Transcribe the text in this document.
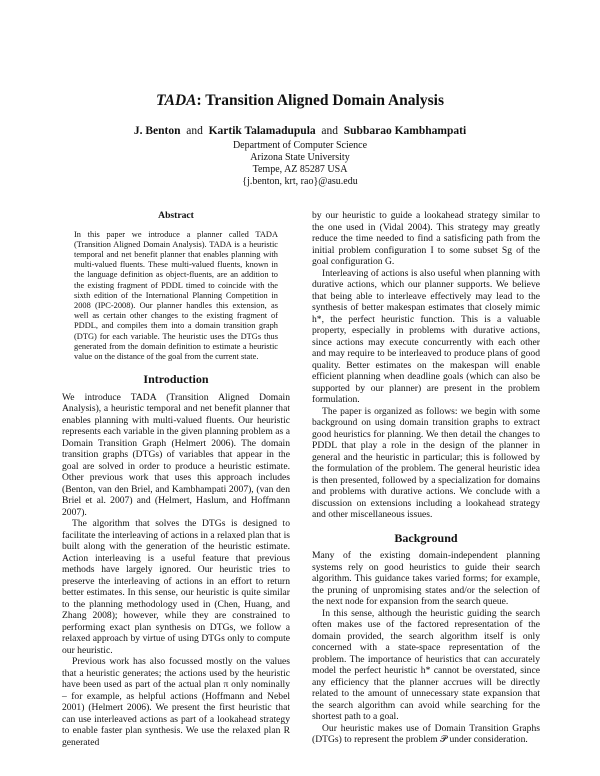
TADA: Transition Aligned Domain Analysis
J. Benton and Kartik Talamadupula and Subbarao Kambhampati
Department of Computer Science
Arizona State University
Tempe, AZ 85287 USA
{j.benton, krt, rao}@asu.edu
Abstract
In this paper we introduce a planner called TADA (Transition Aligned Domain Analysis). TADA is a heuristic temporal and net benefit planner that enables planning with multi-valued fluents. These multi-valued fluents, known in the language definition as object-fluents, are an addition to the existing fragment of PDDL timed to coincide with the sixth edition of the International Planning Competition in 2008 (IPC-2008). Our planner handles this extension, as well as certain other changes to the existing fragment of PDDL, and compiles them into a domain transition graph (DTG) for each variable. The heuristic uses the DTGs thus generated from the domain definition to estimate a heuristic value on the distance of the goal from the current state.
Introduction

We introduce TADA (Transition Aligned Domain Analysis), a heuristic temporal and net benefit planner that enables planning with multi-valued fluents. Our heuristic represents each variable in the given planning problem as a Domain Transition Graph (Helmert 2006). The domain transition graphs (DTGs) of variables that appear in the goal are solved in order to produce a heuristic estimate. Other previous work that uses this approach includes (Benton, van den Briel, and Kambhampati 2007), (van den Briel et al. 2007) and (Helmert, Haslum, and Hoffmann 2007).

The algorithm that solves the DTGs is designed to facilitate the interleaving of actions in a relaxed plan that is built along with the generation of the heuristic estimate. Action interleaving is a useful feature that previous methods have largely ignored. Our heuristic tries to preserve the interleaving of actions in an effort to return better estimates. In this sense, our heuristic is quite similar to the planning methodology used in (Chen, Huang, and Zhang 2008); however, while they are constrained to performing exact plan synthesis on DTGs, we follow a relaxed approach by virtue of using DTGs only to compute our heuristic.

Previous work has also focussed mostly on the values that a heuristic generates; the actions used by the heuristic have been used as part of the actual plan π only nominally – for example, as helpful actions (Hoffmann and Nebel 2001) (Helmert 2006). We present the first heuristic that can use interleaved actions as part of a lookahead strategy to enable faster plan synthesis. We use the relaxed plan R generated

by our heuristic to guide a lookahead strategy similar to the one used in (Vidal 2004). This strategy may greatly reduce the time needed to find a satisficing path from the initial problem configuration I to some subset Sg of the goal configuration G.

Interleaving of actions is also useful when planning with durative actions, which our planner supports. We believe that being able to interleave effectively may lead to the synthesis of better makespan estimates that closely mimic h*, the perfect heuristic function. This is a valuable property, especially in problems with durative actions, since actions may execute concurrently with each other and may require to be interleaved to produce plans of good quality. Better estimates on the makespan will enable efficient planning when deadline goals (which can also be supported by our planner) are present in the problem formulation.

The paper is organized as follows: we begin with some background on using domain transition graphs to extract good heuristics for planning. We then detail the changes to PDDL that play a role in the design of the planner in general and the heuristic in particular; this is followed by the formulation of the problem. The general heuristic idea is then presented, followed by a specialization for domains and problems with durative actions. We conclude with a discussion on extensions including a lookahead strategy and other miscellaneous issues.

Background

Many of the existing domain-independent planning systems rely on good heuristics to guide their search algorithm. This guidance takes varied forms; for example, the pruning of unpromising states and/or the selection of the next node for expansion from the search queue.

In this sense, although the heuristic guiding the search often makes use of the factored representation of the domain provided, the search algorithm itself is only concerned with a state-space representation of the problem. The importance of heuristics that can accurately model the perfect heuristic h* cannot be overstated, since any efficiency that the planner accrues will be directly related to the amount of unnecessary state expansion that the search algorithm can avoid while searching for the shortest path to a goal.

Our heuristic makes use of Domain Transition Graphs (DTGs) to represent the problem 𝒫 under consideration.
